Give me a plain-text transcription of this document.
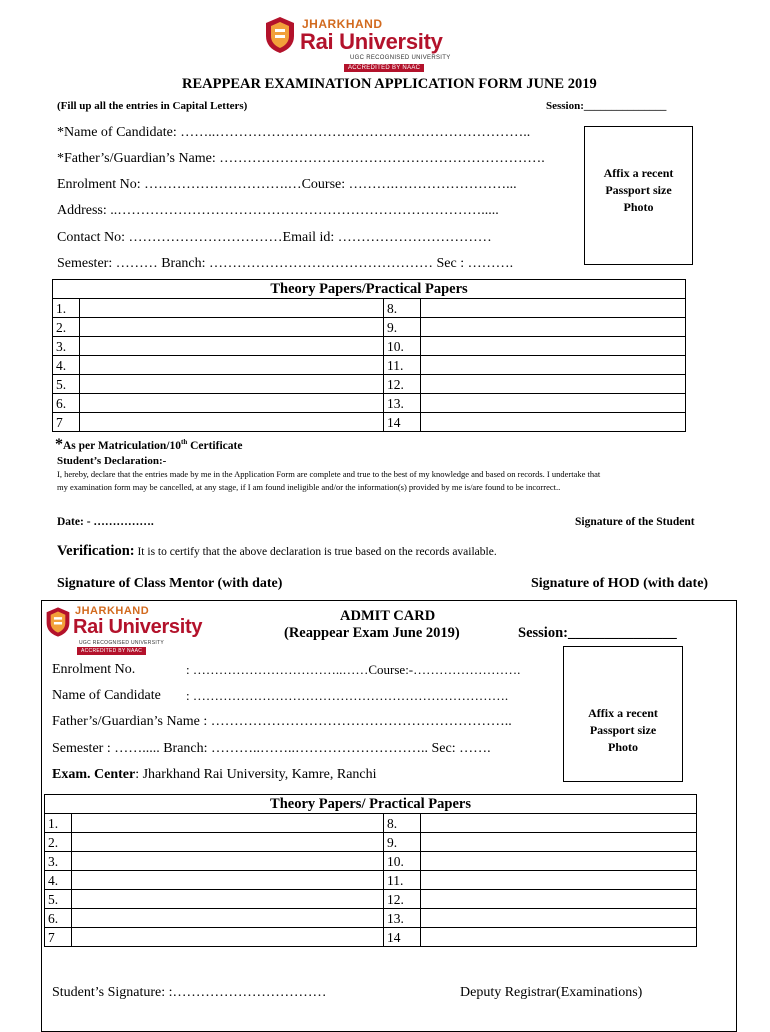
JHARKHAND
Rai University
UGC RECOGNISED UNIVERSITY
ACCREDITED BY NAAC
REAPPEAR EXAMINATION APPLICATION FORM JUNE 2019
(Fill up all the entries in Capital Letters)	Session:_______________
*Name of Candidate: ……..…………………………………………………………..
*Father’s/Guardian’s Name: …………………………………………………………….
Enrolment No: ………………………….…Course: ……….……………………...
Address: ..…………………………………………………………………….....
Contact No: ……………………………Email id: ……………………………
Semester: ……… Branch: ………………………………………… Sec : ……….
Affix a recent
Passport size
Photo
Theory Papers/Practical Papers			
1.		8.	
2.		9.	
3.		10.	
4.		11.	
5.		12.	
6.		13.	
7		14	
*As per Matriculation/10th Certificate
Student’s Declaration:-
I, hereby, declare that the entries made by me in the Application Form are complete and true to the best of my knowledge and based on records. I undertake that
my examination form may be cancelled, at any stage, if I am found ineligible and/or the information(s) provided by me is/are found to be incorrect..
Date: - …………….	Signature of the Student
Verification: It is to certify that the above declaration is true based on the records available.
Signature of Class Mentor (with date)	Signature of HOD (with date)
JHARKHAND
Rai University
UGC RECOGNISED UNIVERSITY
ACCREDITED BY NAAC
ADMIT CARD
(Reappear Exam June 2019)	Session:_______________
Enrolment No.	: ……………………………..……Course:-…………………….
Name of Candidate : ……………………………………………………………….
Father’s/Guardian’s Name : ………………………………………………………..
Semester : ……..... Branch: ………..……..……………………….. Sec: …….
Exam. Center: Jharkhand Rai University, Kamre, Ranchi
Affix a recent
Passport size
Photo
Theory Papers/ Practical Papers			
1.		8.	
2.		9.	
3.		10.	
4.		11.	
5.		12.	
6.		13.	
7		14	
Student’s Signature: :……………………………	Deputy Registrar(Examinations)
